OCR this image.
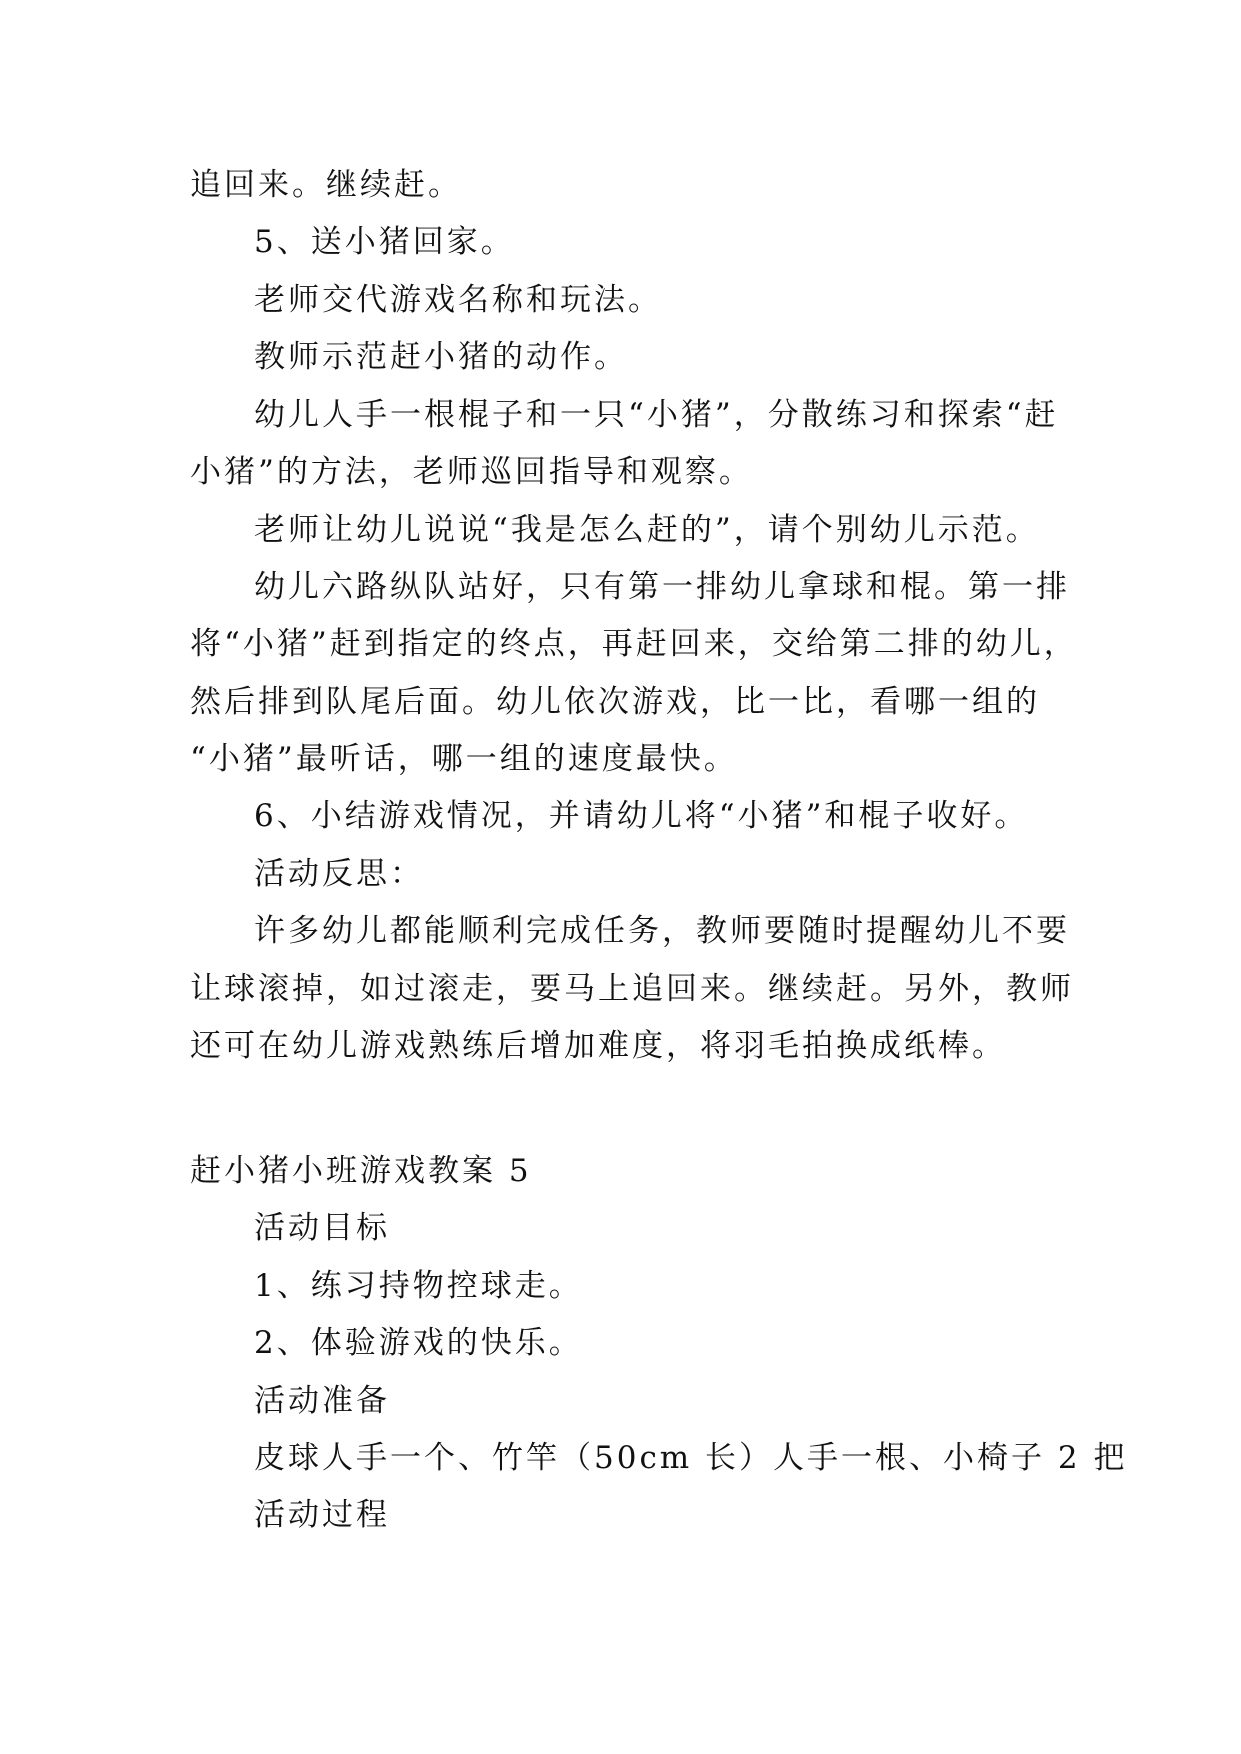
追回来。继续赶。
5、送小猪回家。
老师交代游戏名称和玩法。
教师示范赶小猪的动作。
幼儿人手一根棍子和一只“小猪”，分散练习和探索“赶
小猪”的方法，老师巡回指导和观察。
老师让幼儿说说“我是怎么赶的”，请个别幼儿示范。
幼儿六路纵队站好，只有第一排幼儿拿球和棍。第一排
将“小猪”赶到指定的终点，再赶回来，交给第二排的幼儿，
然后排到队尾后面。幼儿依次游戏，比一比，看哪一组的
“小猪”最听话，哪一组的速度最快。
6、小结游戏情况，并请幼儿将“小猪”和棍子收好。
活动反思：
许多幼儿都能顺利完成任务，教师要随时提醒幼儿不要
让球滚掉，如过滚走，要马上追回来。继续赶。另外，教师
还可在幼儿游戏熟练后增加难度，将羽毛拍换成纸棒。
赶小猪小班游戏教案 5
活动目标
1、练习持物控球走。
2、体验游戏的快乐。
活动准备
皮球人手一个、竹竿（50cm 长）人手一根、小椅子 2 把
活动过程
